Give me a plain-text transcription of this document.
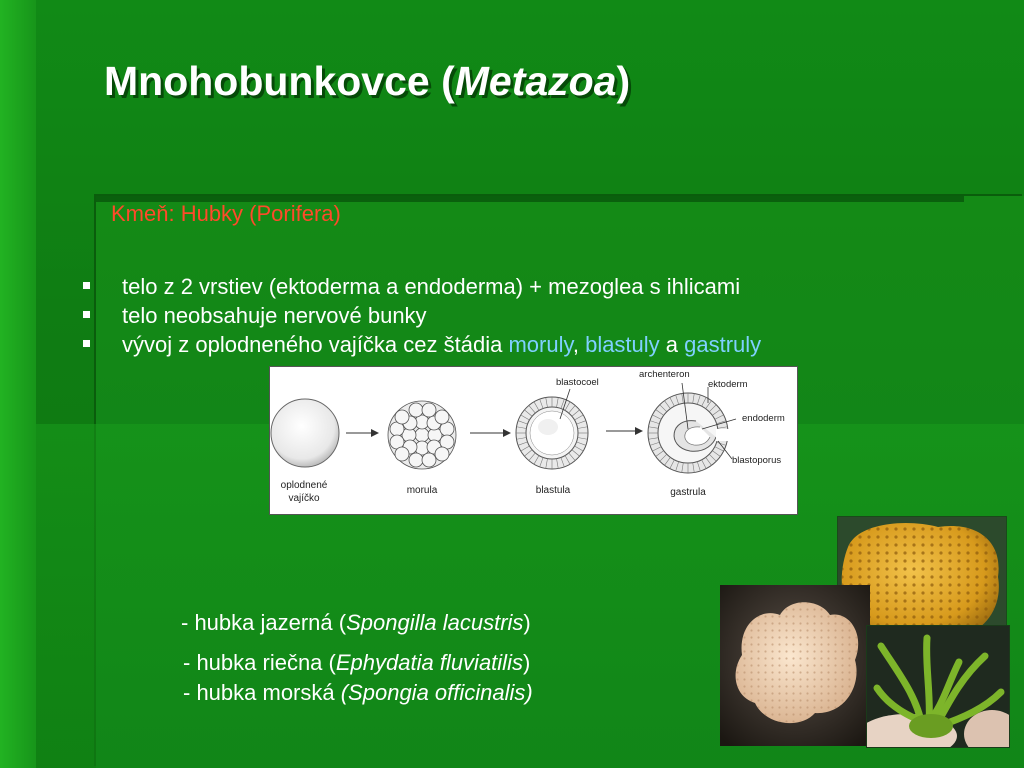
Mnohobunkovce (Metazoa)
Kmeň: Hubky (Porifera)
telo z 2 vrstiev (ektoderma a endoderma) + mezoglea s ihlicami
telo neobsahuje nervové bunky
vývoj z oplodneného vajíčka cez štádia moruly, blastuly a gastruly
oplodnené
vajíčko
morula
blastocoel
blastula
archenteron
ektoderm
endoderm
blastoporus
gastrula
- hubka jazerná (Spongilla lacustris)
- hubka riečna (Ephydatia fluviatilis)
- hubka morská (Spongia officinalis)
